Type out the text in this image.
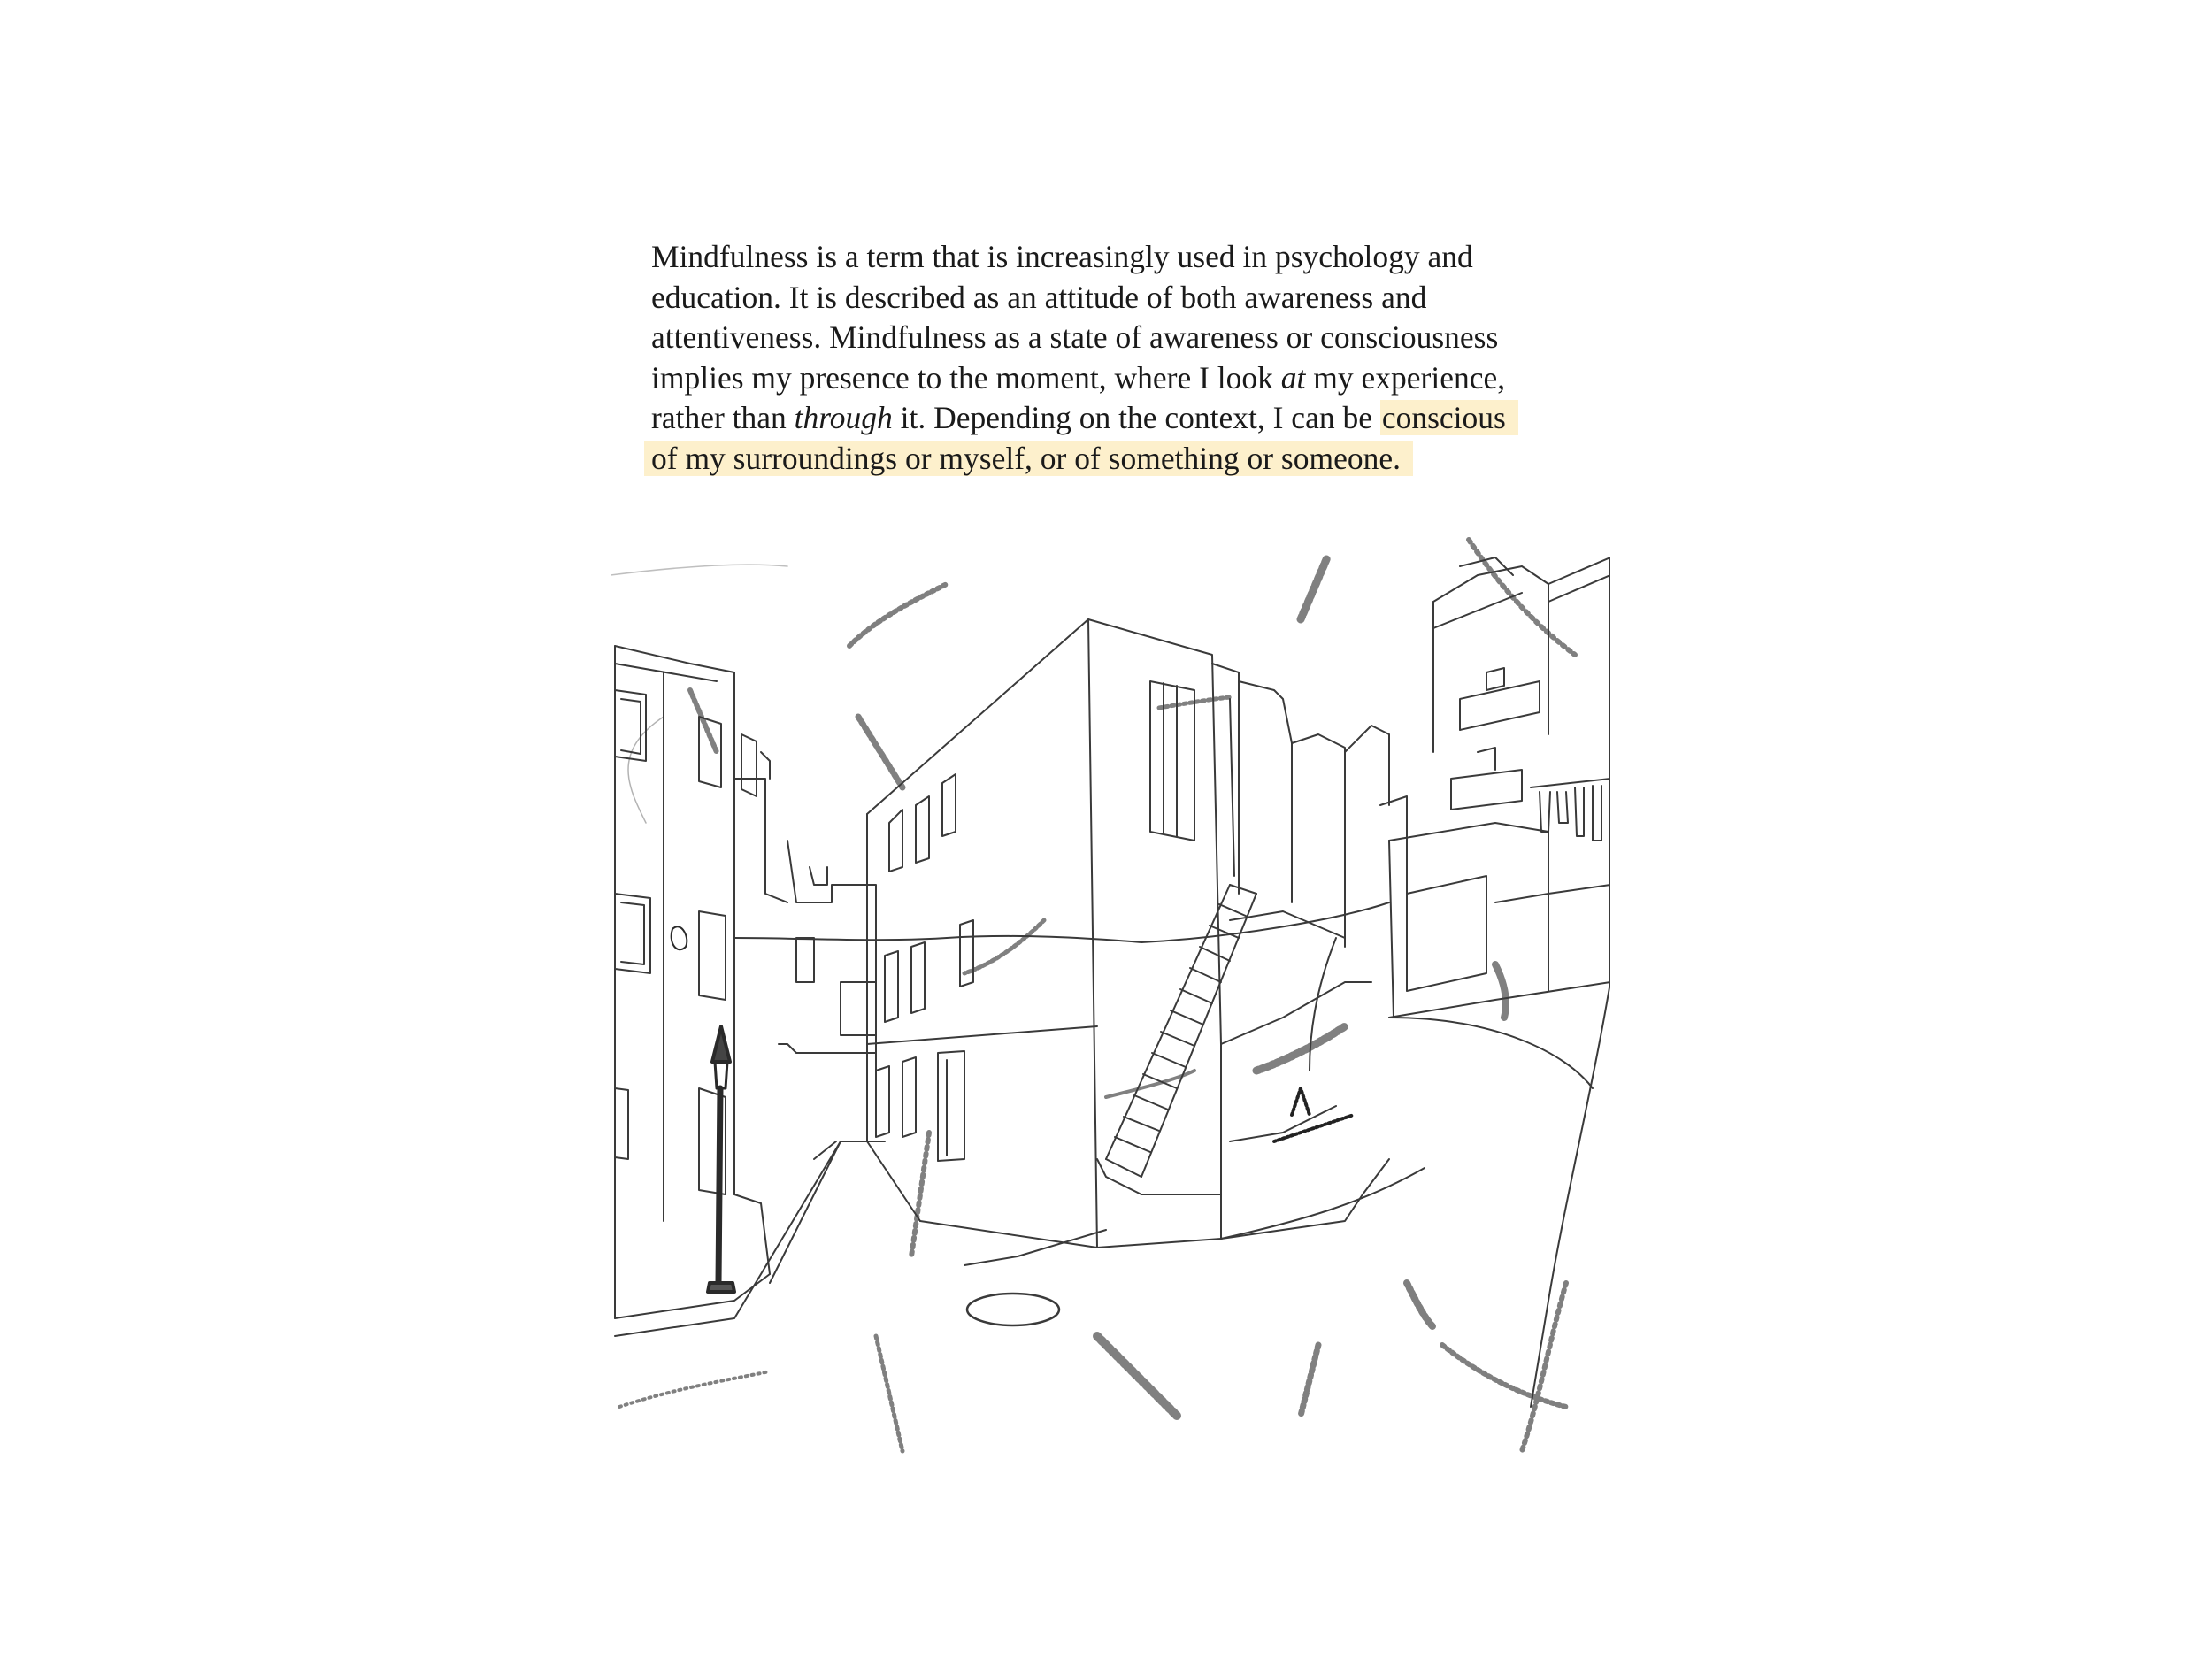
Mindfulness is a term that is increasingly used in psychology and
education. It is described as an attitude of both awareness and
attentiveness. Mindfulness as a state of awareness or consciousness
implies my presence to the moment, where I look at my experience,
rather than through it. Depending on the context, I can be conscious
of my surroundings or myself, or of something or someone.
